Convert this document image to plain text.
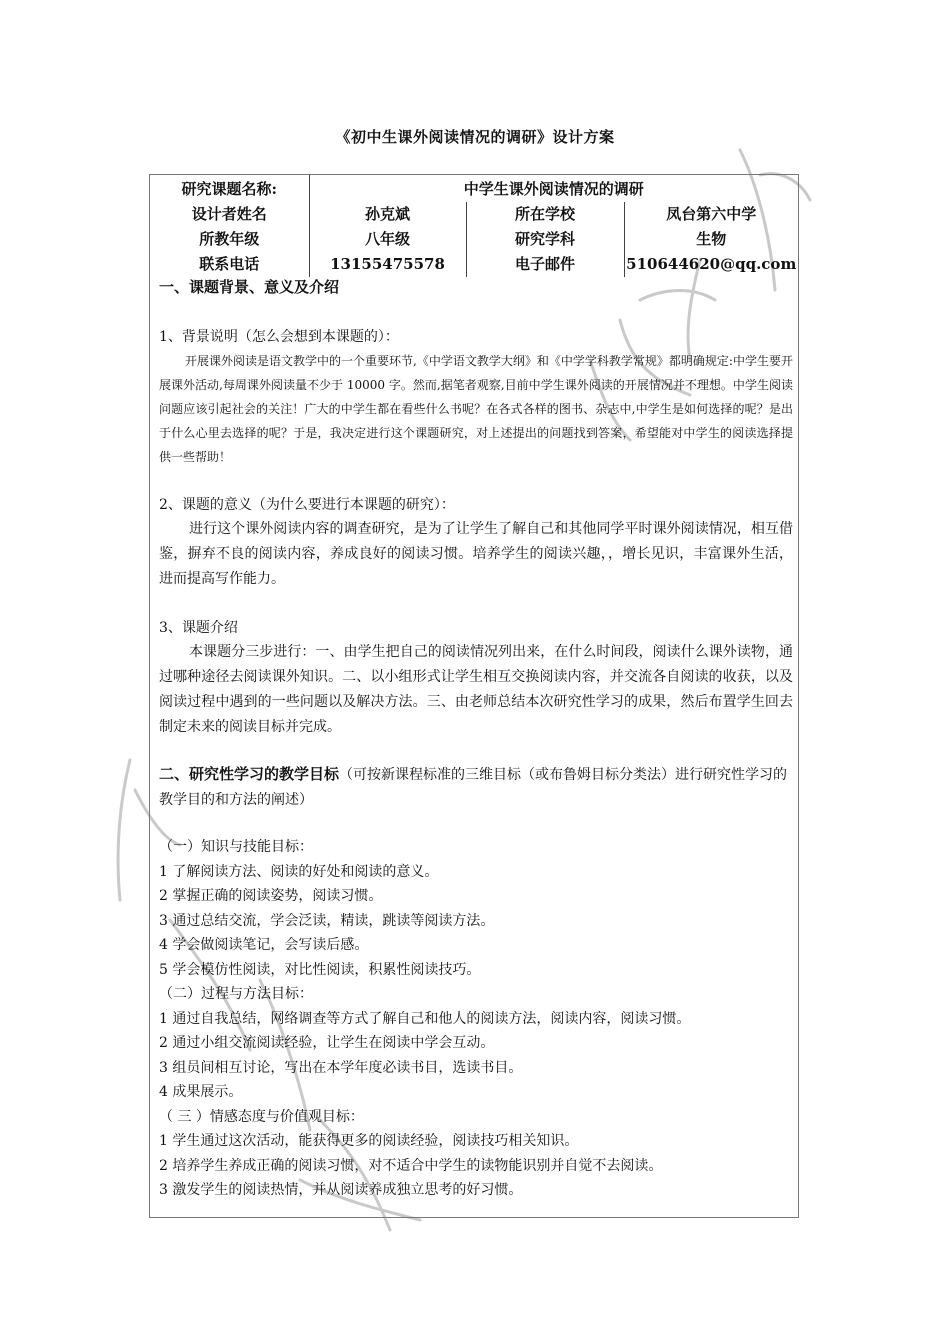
《初中生课外阅读情况的调研》设计方案
研究课题名称:	中学生课外阅读情况的调研		
设计者姓名	孙克斌	所在学校	凤台第六中学
所教年级	八年级	研究学科	生物
联系电话	13155475578	电子邮件	510644620@qq.com

一、课题背景、意义及介绍

1、背景说明（怎么会想到本课题的）：

开展课外阅读是语文教学中的一个重要环节,《中学语文教学大纲》和《中学学科教学常规》都明确规定:中学生要开展课外活动,每周课外阅读量不少于 10000 字。然而,据笔者观察,目前中学生课外阅读的开展情况并不理想。中学生阅读问题应该引起社会的关注！广大的中学生都在看些什么书呢？在各式各样的图书、杂志中,中学生是如何选择的呢？是出于什么心里去选择的呢？于是，我决定进行这个课题研究，对上述提出的问题找到答案，希望能对中学生的阅读选择提供一些帮助！

2、课题的意义（为什么要进行本课题的研究）：

进行这个课外阅读内容的调查研究，是为了让学生了解自己和其他同学平时课外阅读情况，相互借鉴，摒弃不良的阅读内容，养成良好的阅读习惯。培养学生的阅读兴趣，，增长见识，丰富课外生活，进而提高写作能力。

3、课题介绍

本课题分三步进行：一、由学生把自己的阅读情况列出来，在什么时间段，阅读什么课外读物，通过哪种途径去阅读课外知识。二、以小组形式让学生相互交换阅读内容，并交流各自阅读的收获，以及阅读过程中遇到的一些问题以及解决方法。三、由老师总结本次研究性学习的成果，然后布置学生回去制定未来的阅读目标并完成。

二、研究性学习的教学目标（可按新课程标准的三维目标（或布鲁姆目标分类法）进行研究性学习的教学目的和方法的阐述）

（一）知识与技能目标：

1 了解阅读方法、阅读的好处和阅读的意义。

2 掌握正确的阅读姿势，阅读习惯。

3 通过总结交流，学会泛读，精读，跳读等阅读方法。

4 学会做阅读笔记，会写读后感。

5 学会模仿性阅读，对比性阅读，积累性阅读技巧。

（二）过程与方法目标：

1 通过自我总结，网络调查等方式了解自己和他人的阅读方法，阅读内容，阅读习惯。

2 通过小组交流阅读经验，让学生在阅读中学会互动。

3 组员间相互讨论，写出在本学年度必读书目，选读书目。

4 成果展示。

（ 三 ）情感态度与价值观目标：

1 学生通过这次活动，能获得更多的阅读经验，阅读技巧相关知识。

2 培养学生养成正确的阅读习惯，对不适合中学生的读物能识别并自觉不去阅读。

3 激发学生的阅读热情，并从阅读养成独立思考的好习惯。
